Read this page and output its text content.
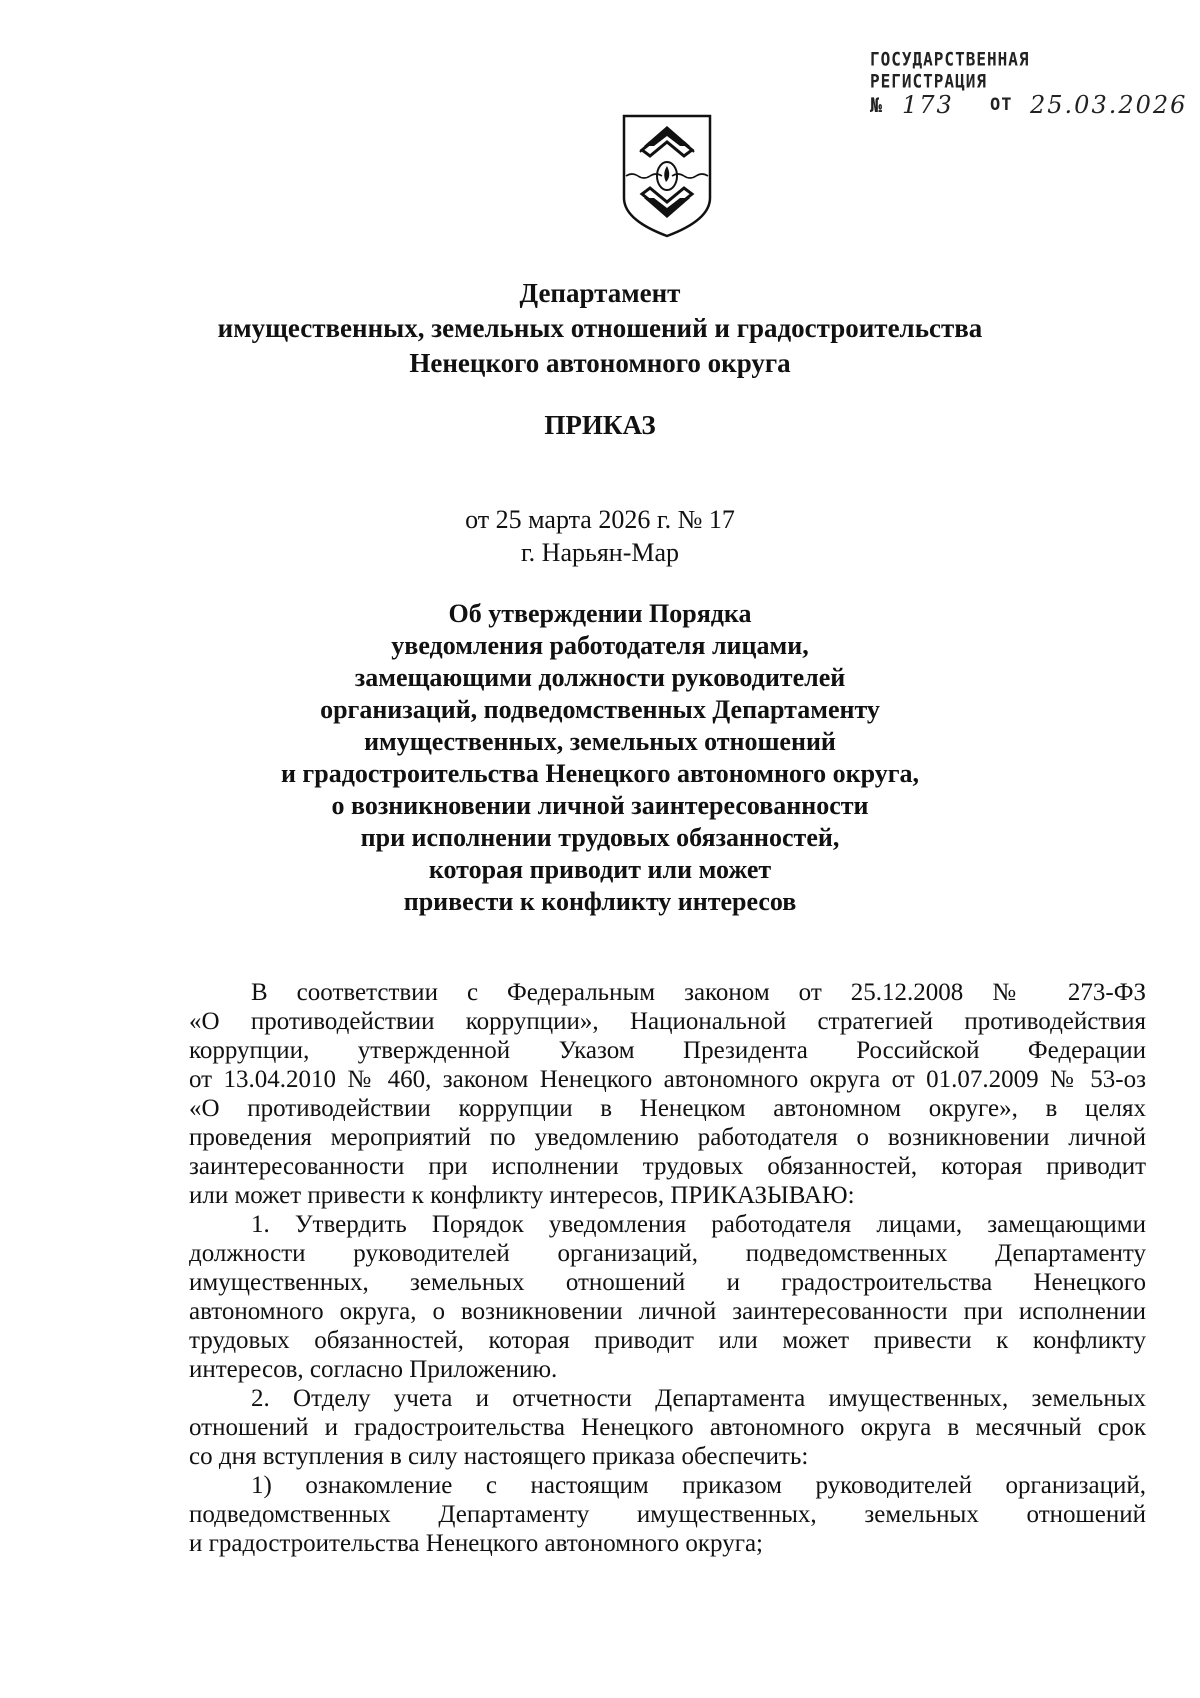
ГОСУДАРСТВЕННАЯ
РЕГИСТРАЦИЯ
№ 173 ОТ 25.03.2026
Департамент
имущественных, земельных отношений и градостроительства
Ненецкого автономного округа
ПРИКАЗ
от 25 марта 2026 г. № 17
г. Нарьян-Мар
Об утверждении Порядка
уведомления работодателя лицами,
замещающими должности руководителей
организаций, подведомственных Департаменту
имущественных, земельных отношений
и градостроительства Ненецкого автономного округа,
о возникновении личной заинтересованности
при исполнении трудовых обязанностей,
которая приводит или может
привести к конфликту интересов
В соответствии с Федеральным законом от 25.12.2008 № 273-ФЗ
«О противодействии коррупции», Национальной стратегией противодействия
коррупции, утвержденной Указом Президента Российской Федерации
от 13.04.2010 № 460, законом Ненецкого автономного округа от 01.07.2009 № 53-оз
«О противодействии коррупции в Ненецком автономном округе», в целях
проведения мероприятий по уведомлению работодателя о возникновении личной
заинтересованности при исполнении трудовых обязанностей, которая приводит
или может привести к конфликту интересов, ПРИКАЗЫВАЮ:
1. Утвердить Порядок уведомления работодателя лицами, замещающими
должности руководителей организаций, подведомственных Департаменту
имущественных, земельных отношений и градостроительства Ненецкого
автономного округа, о возникновении личной заинтересованности при исполнении
трудовых обязанностей, которая приводит или может привести к конфликту
интересов, согласно Приложению.
2. Отделу учета и отчетности Департамента имущественных, земельных
отношений и градостроительства Ненецкого автономного округа в месячный срок
со дня вступления в силу настоящего приказа обеспечить:
1) ознакомление с настоящим приказом руководителей организаций,
подведомственных Департаменту имущественных, земельных отношений
и градостроительства Ненецкого автономного округа;
